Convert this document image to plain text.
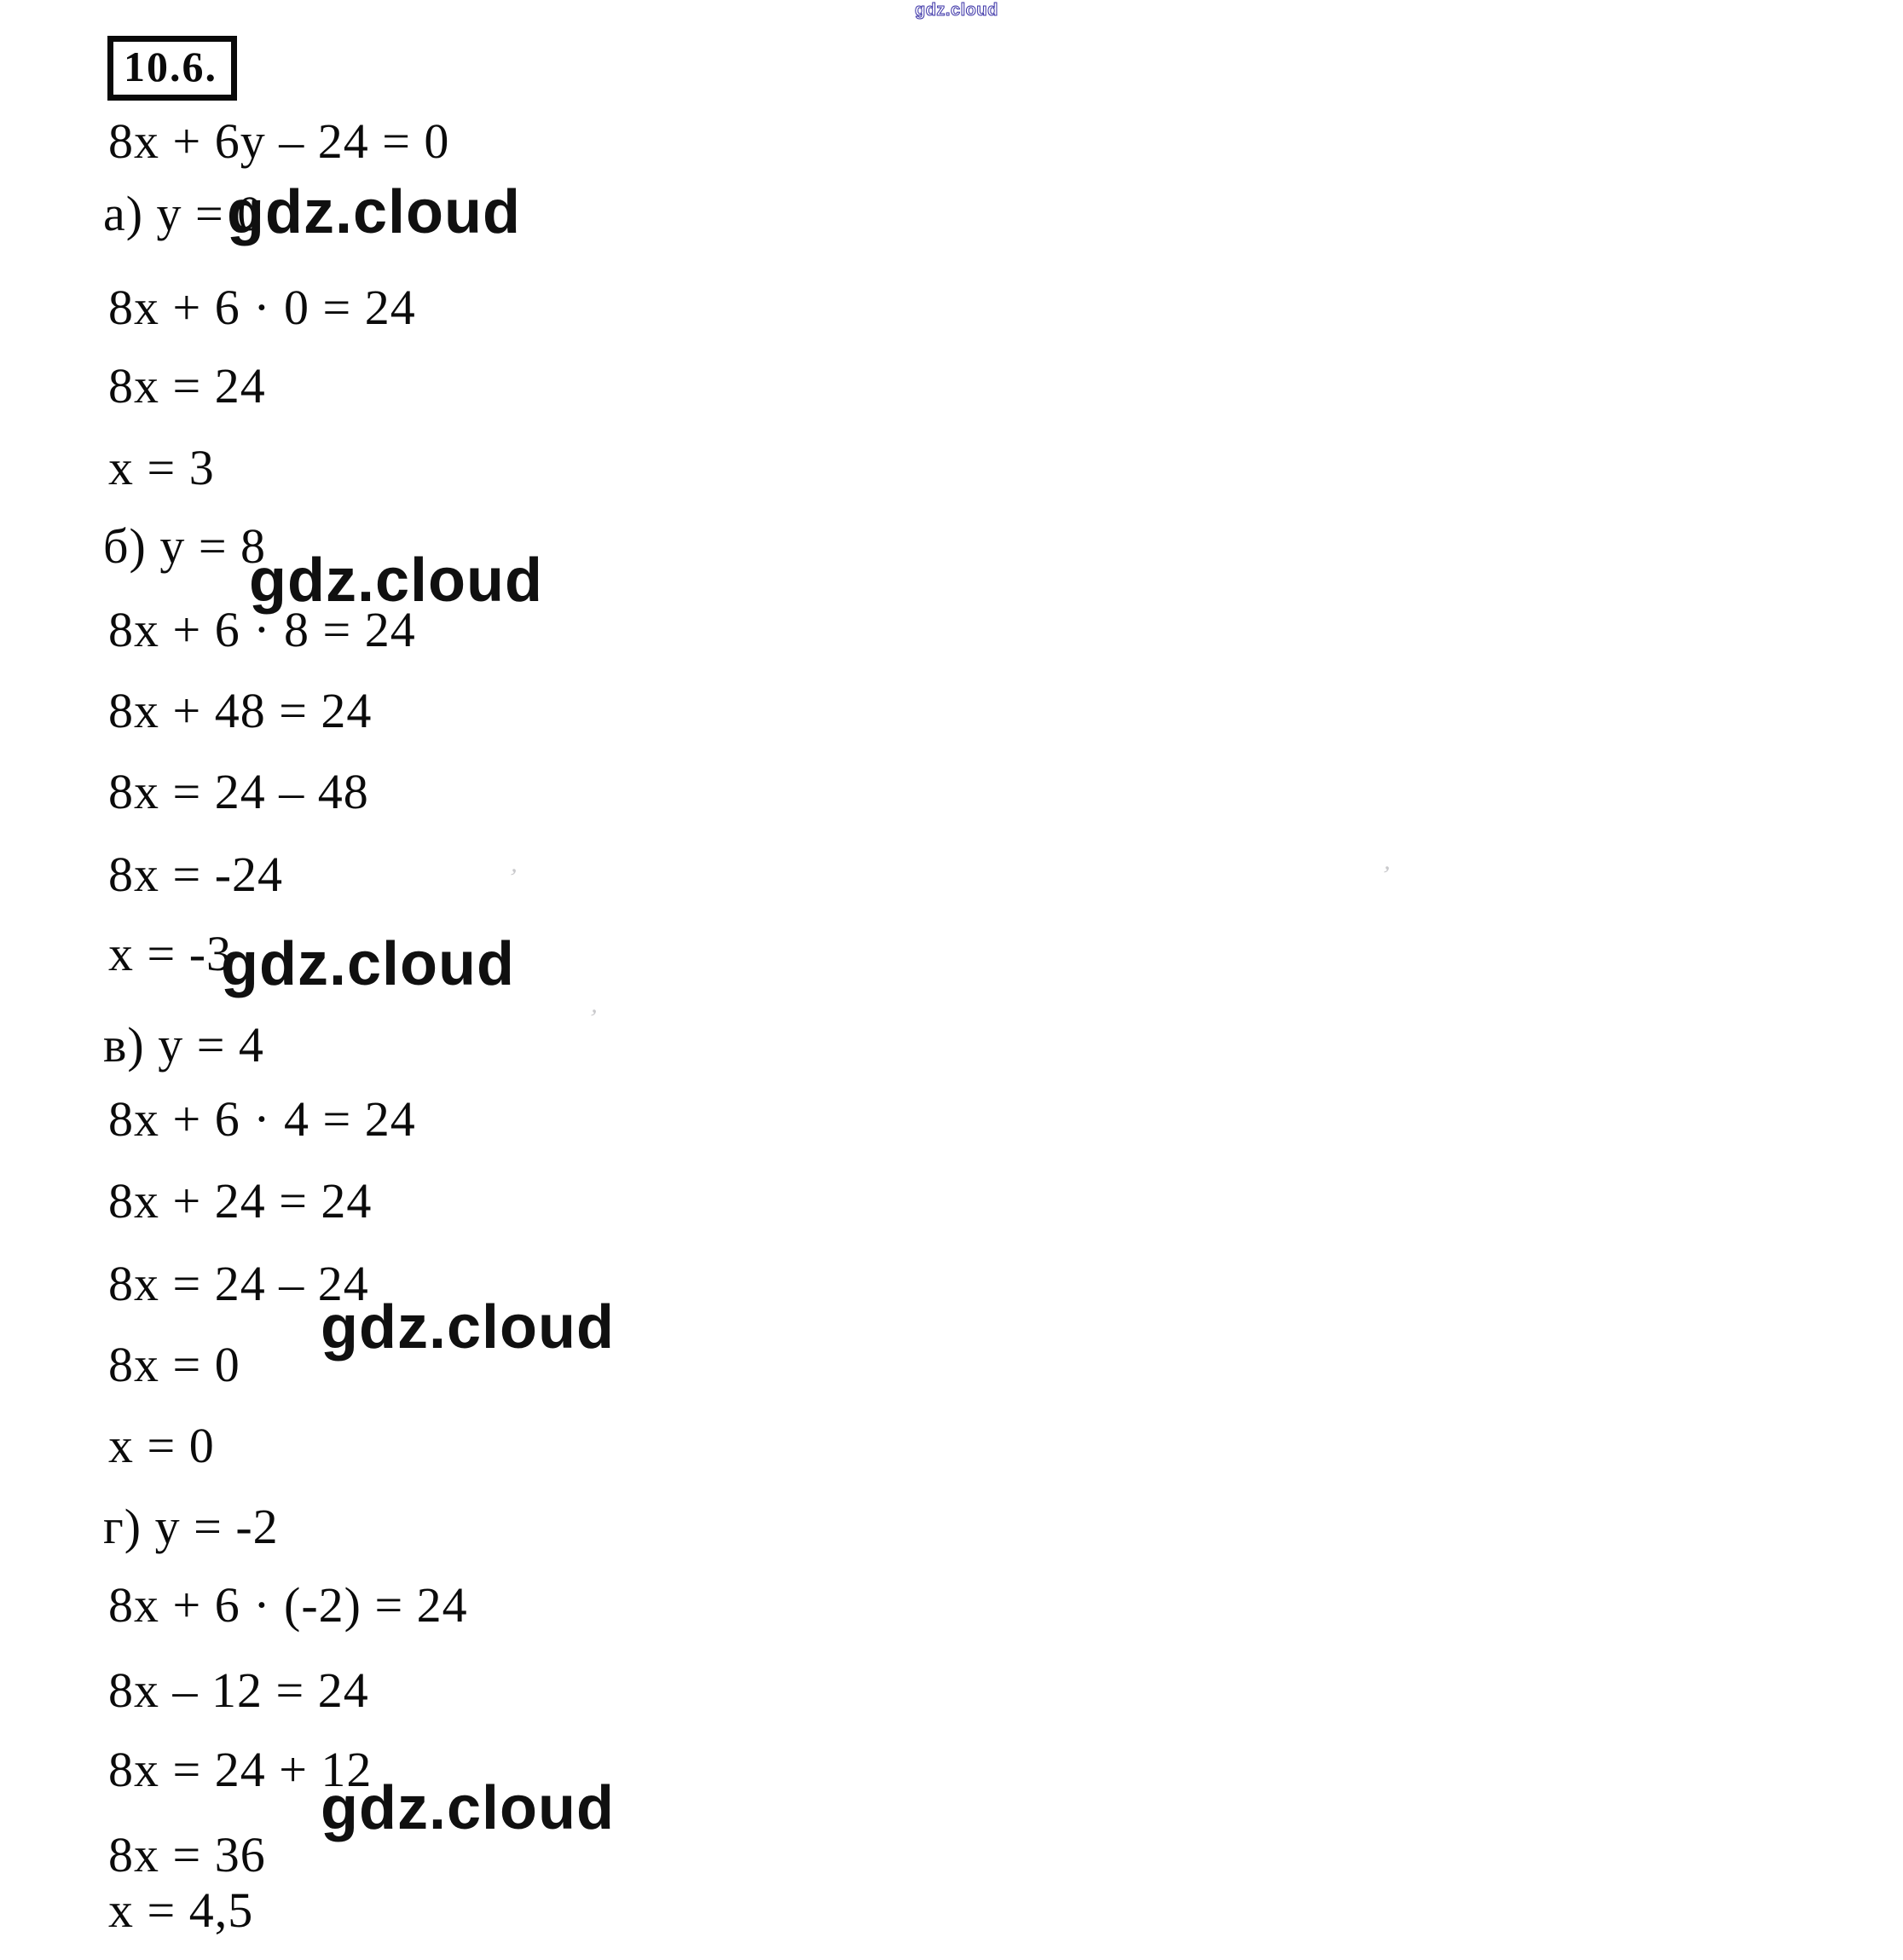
gdz.cloud
10.6.
8x + 6y – 24 = 0
а) y = 0
8x + 6 · 0 = 24
8x = 24
x = 3
б) y = 8
8x + 6 · 8 = 24
8x + 48 = 24
8x = 24 – 48
8x = -24
x = -3
в) y = 4
8x + 6 · 4 = 24
8x + 24 = 24
8x = 24 – 24
8x = 0
x = 0
г) y = -2
8x + 6 · (-2) = 24
8x – 12 = 24
8x = 24 + 12
8x = 36
x = 4,5
gdz.cloud
gdz.cloud
gdz.cloud
gdz.cloud
gdz.cloud
’
’
’
